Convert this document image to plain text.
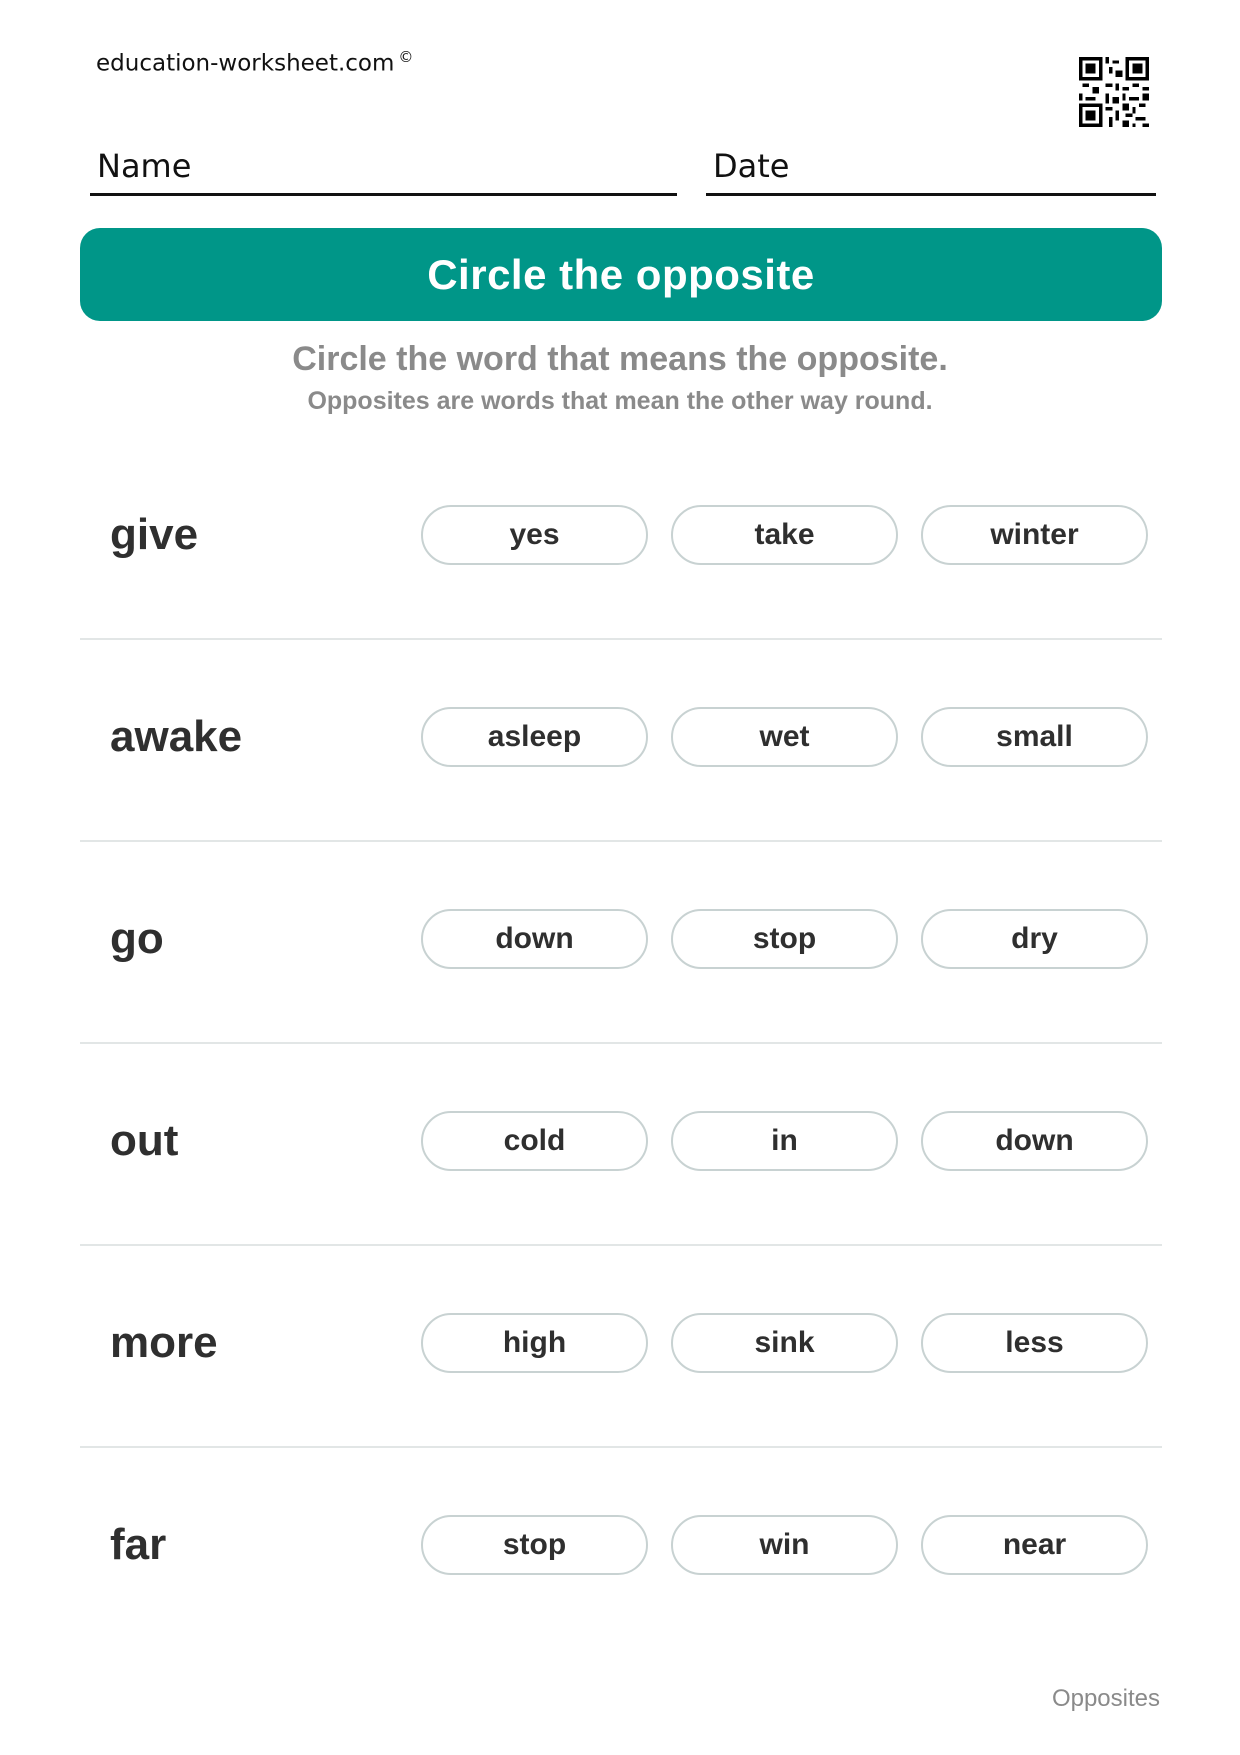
education-worksheet.com ©
Name	Date
Circle the opposite
Circle the word that means the opposite.
Opposites are words that mean the other way round.
give	yes	take	winter
awake	asleep	wet	small
go	down	stop	dry
out	cold	in	down
more	high	sink	less
far	stop	win	near
Opposites
